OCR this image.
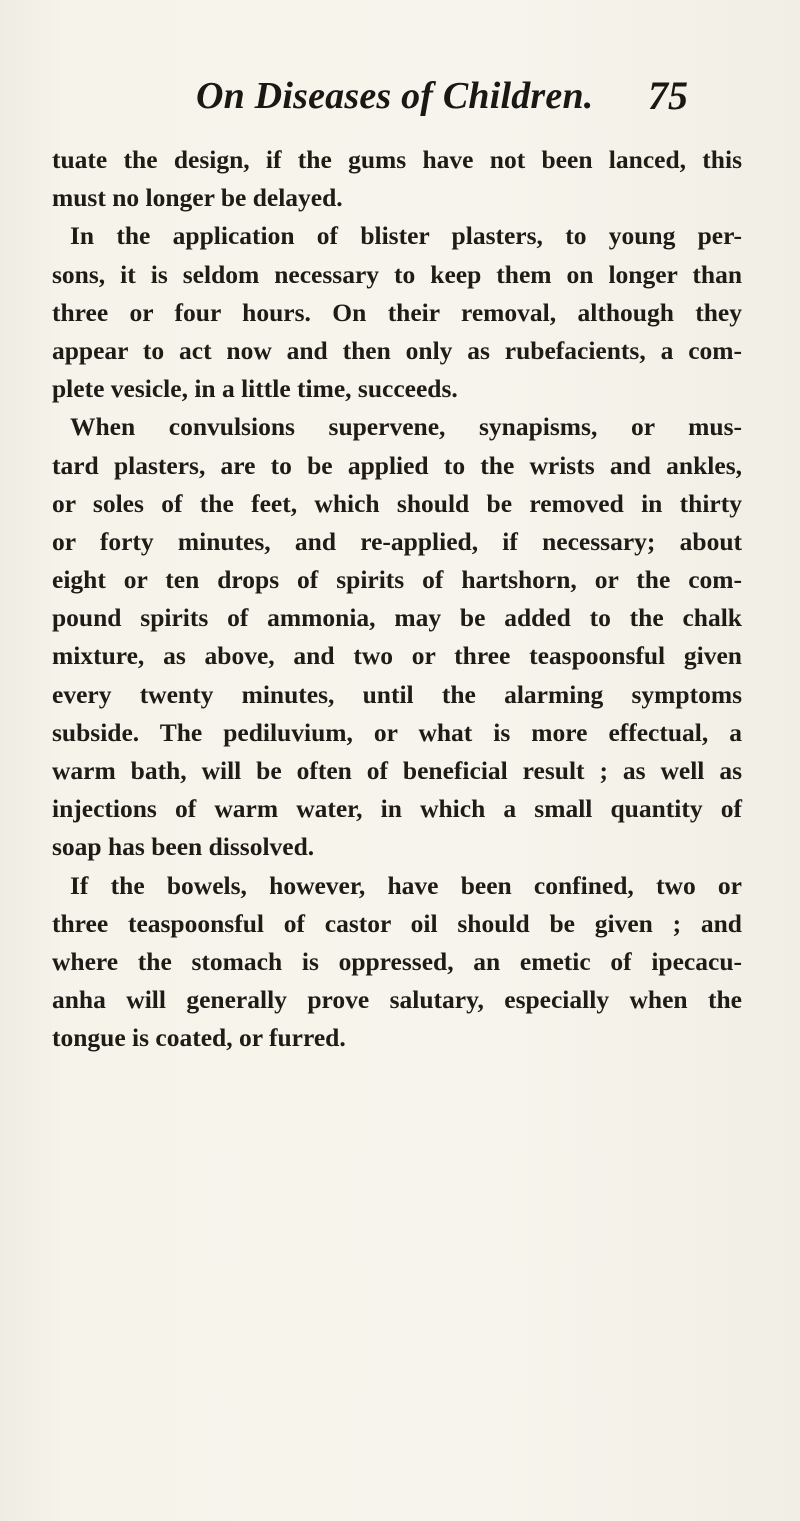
On Diseases of Children. 75
tuate the design, if the gums have not been lanced, this
must no longer be delayed.
In the application of blister plasters, to young per-
sons, it is seldom necessary to keep them on longer than
three or four hours. On their removal, although they
appear to act now and then only as rubefacients, a com-
plete vesicle, in a little time, succeeds.
When convulsions supervene, synapisms, or mus-
tard plasters, are to be applied to the wrists and ankles,
or soles of the feet, which should be removed in thirty
or forty minutes, and re-applied, if necessary; about
eight or ten drops of spirits of hartshorn, or the com-
pound spirits of ammonia, may be added to the chalk
mixture, as above, and two or three teaspoonsful given
every twenty minutes, until the alarming symptoms
subside. The pediluvium, or what is more effectual, a
warm bath, will be often of beneficial result ; as well as
injections of warm water, in which a small quantity of
soap has been dissolved.
If the bowels, however, have been confined, two or
three teaspoonsful of castor oil should be given ; and
where the stomach is oppressed, an emetic of ipecacu-
anha will generally prove salutary, especially when the
tongue is coated, or furred.
